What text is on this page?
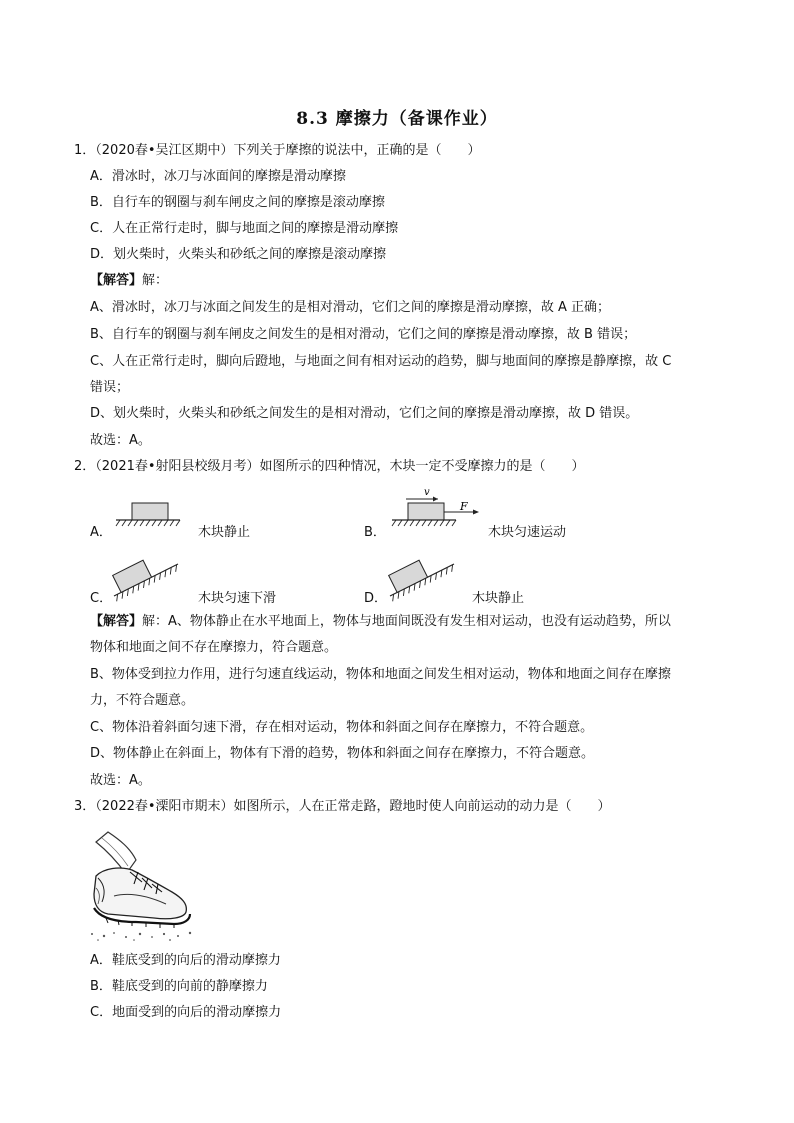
8.3 摩擦力（备课作业）
1．（2020春•吴江区期中）下列关于摩擦的说法中，正确的是（　　）
A．滑冰时，冰刀与冰面间的摩擦是滑动摩擦
B．自行车的钢圈与刹车闸皮之间的摩擦是滚动摩擦
C．人在正常行走时，脚与地面之间的摩擦是滑动摩擦
D．划火柴时，火柴头和砂纸之间的摩擦是滚动摩擦
【解答】解：
A、滑冰时，冰刀与冰面之间发生的是相对滑动，它们之间的摩擦是滑动摩擦，故 A 正确；
B、自行车的钢圈与刹车闸皮之间发生的是相对滑动，它们之间的摩擦是滑动摩擦，故 B 错误；
C、人在正常行走时，脚向后蹬地，与地面之间有相对运动的趋势，脚与地面间的摩擦是静摩擦，故 C
错误；
D、划火柴时，火柴头和砂纸之间发生的是相对滑动，它们之间的摩擦是滑动摩擦，故 D 错误。
故选：A。
2．（2021春•射阳县校级月考）如图所示的四种情况，木块一定不受摩擦力的是（　　）
A．	木块静止	B．
v
F
木块匀速运动
C．	木块匀速下滑	D．	木块静止
【解答】解：A、物体静止在水平地面上，物体与地面间既没有发生相对运动，也没有运动趋势，所以
物体和地面之间不存在摩擦力，符合题意。
B、物体受到拉力作用，进行匀速直线运动，物体和地面之间发生相对运动，物体和地面之间存在摩擦
力，不符合题意。
C、物体沿着斜面匀速下滑，存在相对运动，物体和斜面之间存在摩擦力，不符合题意。
D、物体静止在斜面上，物体有下滑的趋势，物体和斜面之间存在摩擦力，不符合题意。
故选：A。
3．（2022春•溧阳市期末）如图所示，人在正常走路，蹬地时使人向前运动的动力是（　　）
A．鞋底受到的向后的滑动摩擦力
B．鞋底受到的向前的静摩擦力
C．地面受到的向后的滑动摩擦力
